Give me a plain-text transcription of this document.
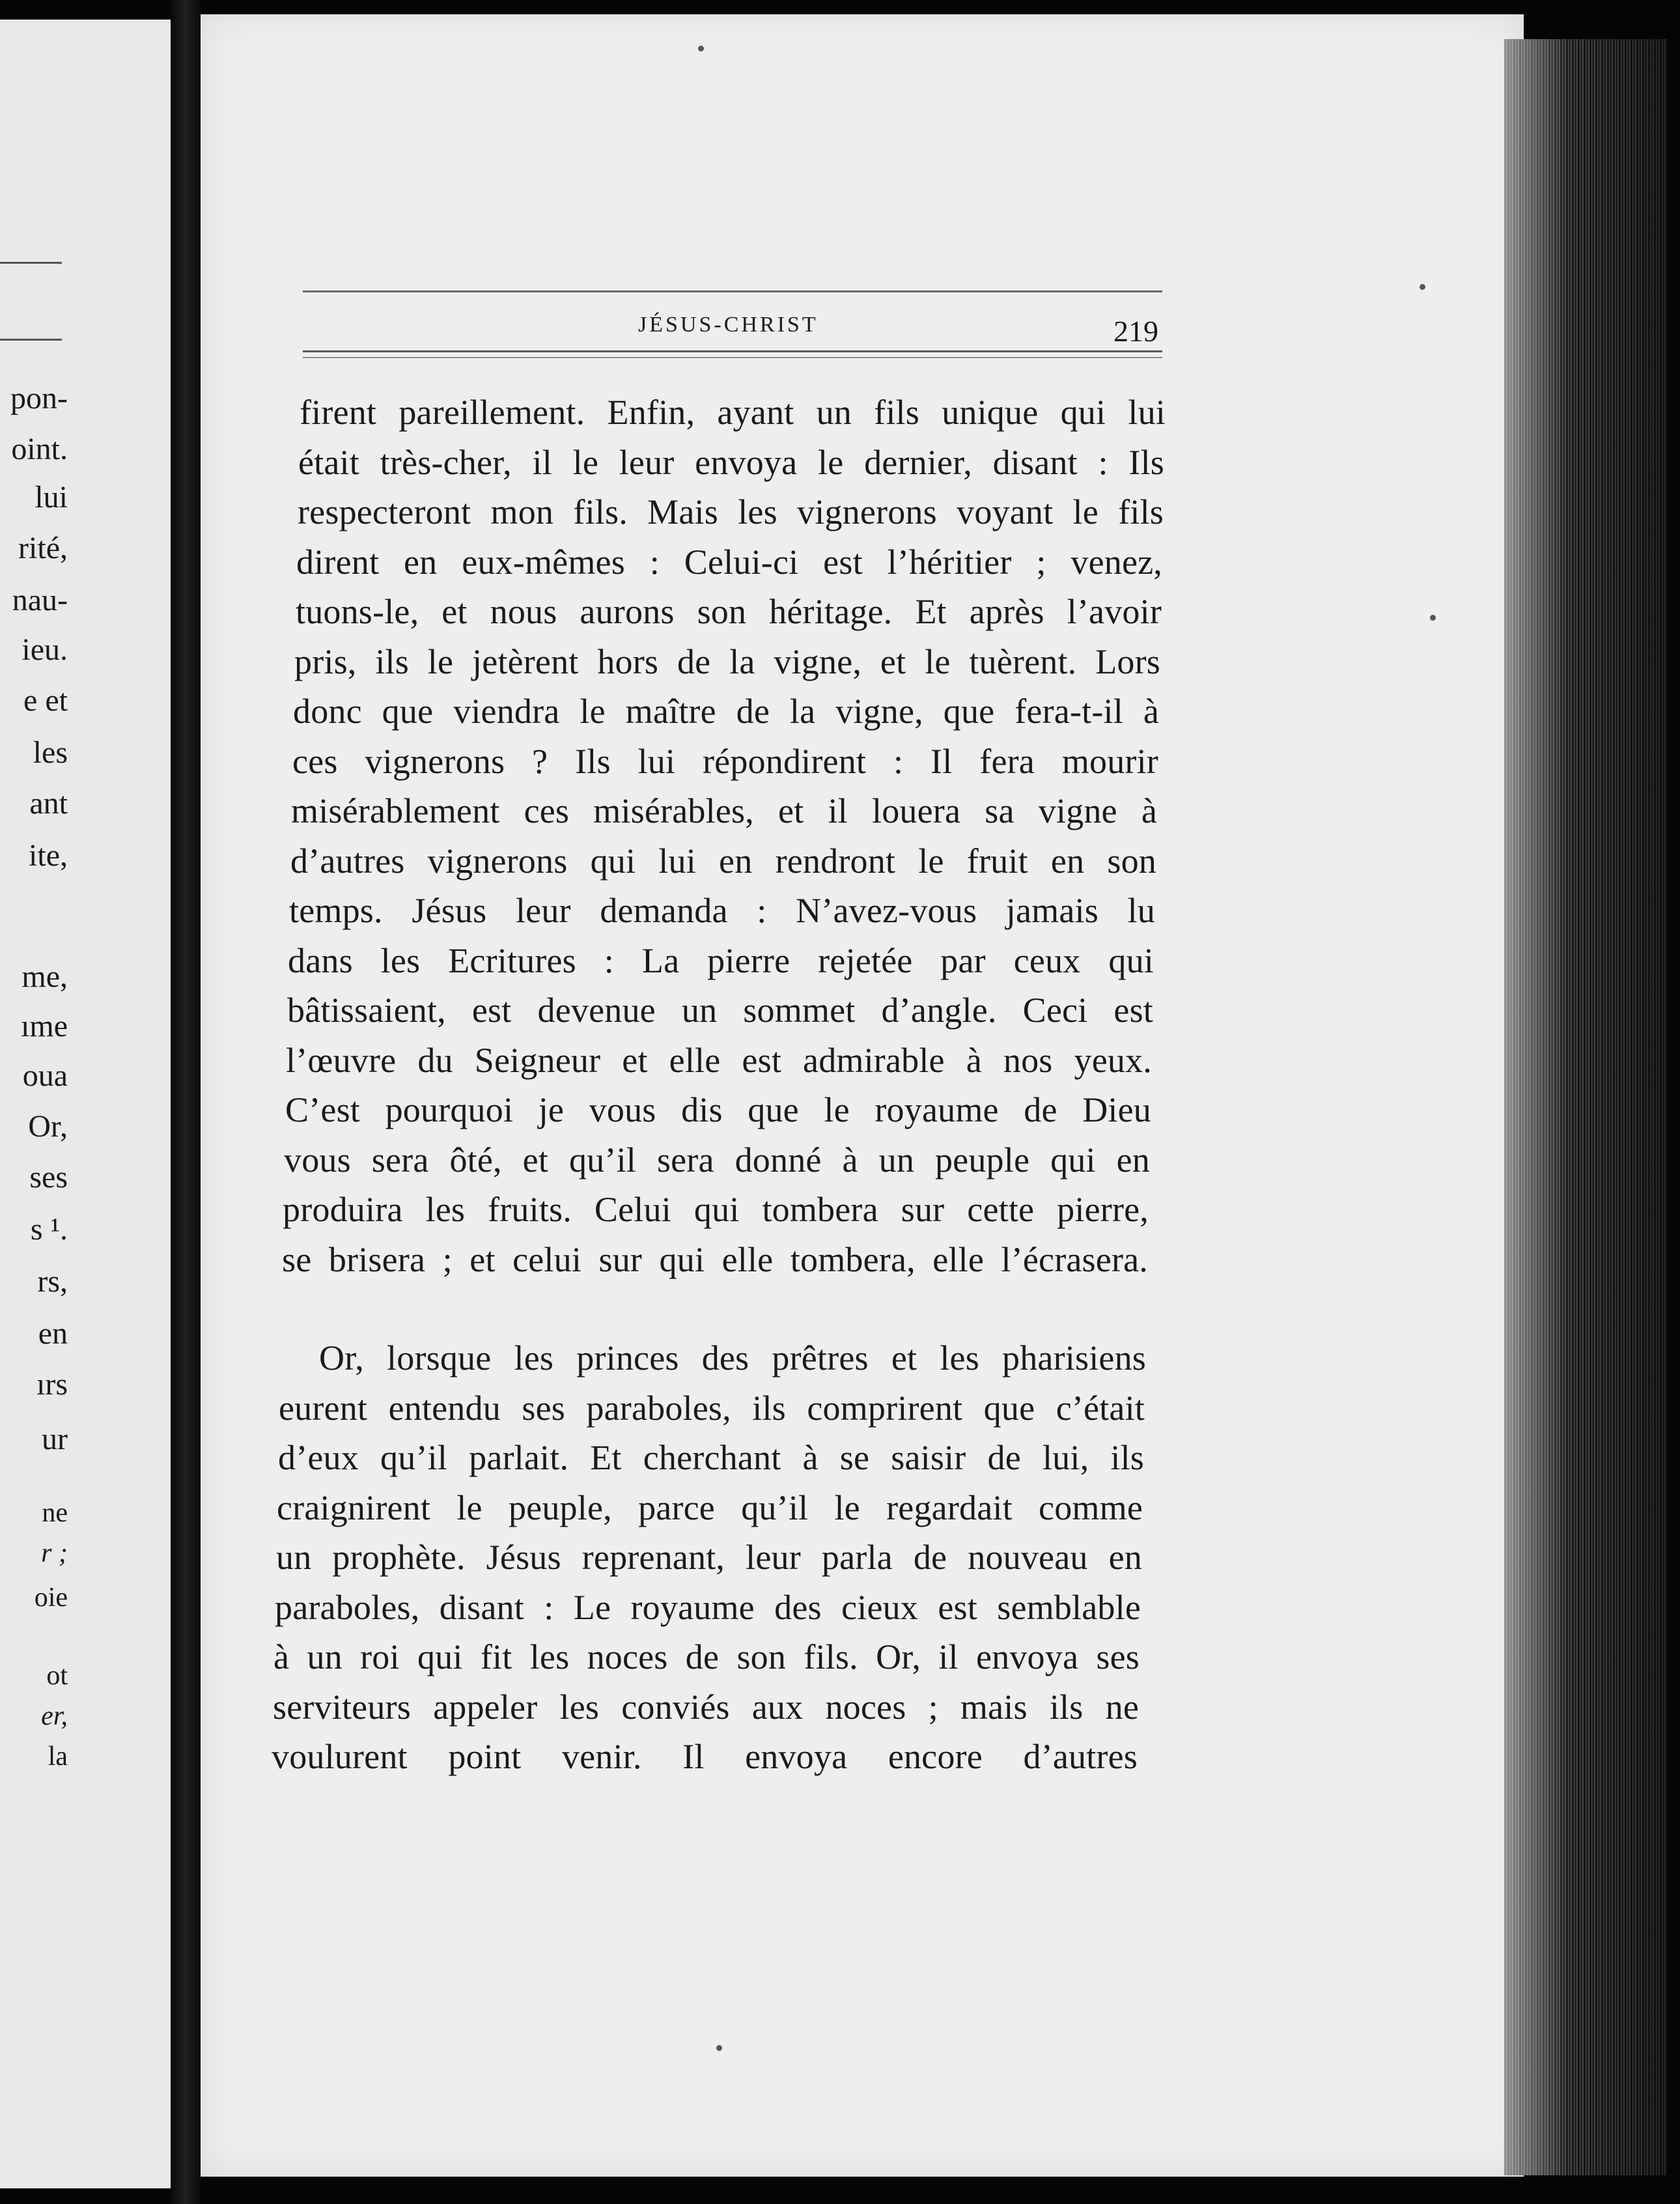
pon-
oint.
lui
rité,
nau-
ieu.
e et
les
ant
ite,
me,
ıme
oua
Or,
ses
s ¹.
rs,
en
ırs
ur
ne
r ;
oie
ot
er,
la
JÉSUS-CHRIST	219
firent pareillement. Enfin, ayant un fils unique qui lui
était très-cher, il le leur envoya le dernier, disant : Ils
respecteront mon fils. Mais les vignerons voyant le fils
dirent en eux-mêmes : Celui-ci est l’héritier ; venez,
tuons-le, et nous aurons son héritage. Et après l’avoir
pris, ils le jetèrent hors de la vigne, et le tuèrent. Lors
donc que viendra le maître de la vigne, que fera-t-il à
ces vignerons ? Ils lui répondirent : Il fera mourir
misérablement ces misérables, et il louera sa vigne à
d’autres vignerons qui lui en rendront le fruit en son
temps. Jésus leur demanda : N’avez-vous jamais lu
dans les Ecritures : La pierre rejetée par ceux qui
bâtissaient, est devenue un sommet d’angle. Ceci est
l’œuvre du Seigneur et elle est admirable à nos yeux.
C’est pourquoi je vous dis que le royaume de Dieu
vous sera ôté, et qu’il sera donné à un peuple qui en
produira les fruits. Celui qui tombera sur cette pierre,
se brisera ; et celui sur qui elle tombera, elle l’écrasera.
Or, lorsque les princes des prêtres et les pharisiens
eurent entendu ses paraboles, ils comprirent que c’était
d’eux qu’il parlait. Et cherchant à se saisir de lui, ils
craignirent le peuple, parce qu’il le regardait comme
un prophète. Jésus reprenant, leur parla de nouveau en
paraboles, disant : Le royaume des cieux est semblable
à un roi qui fit les noces de son fils. Or, il envoya ses
serviteurs appeler les conviés aux noces ; mais ils ne
voulurent point venir. Il envoya encore d’autres
